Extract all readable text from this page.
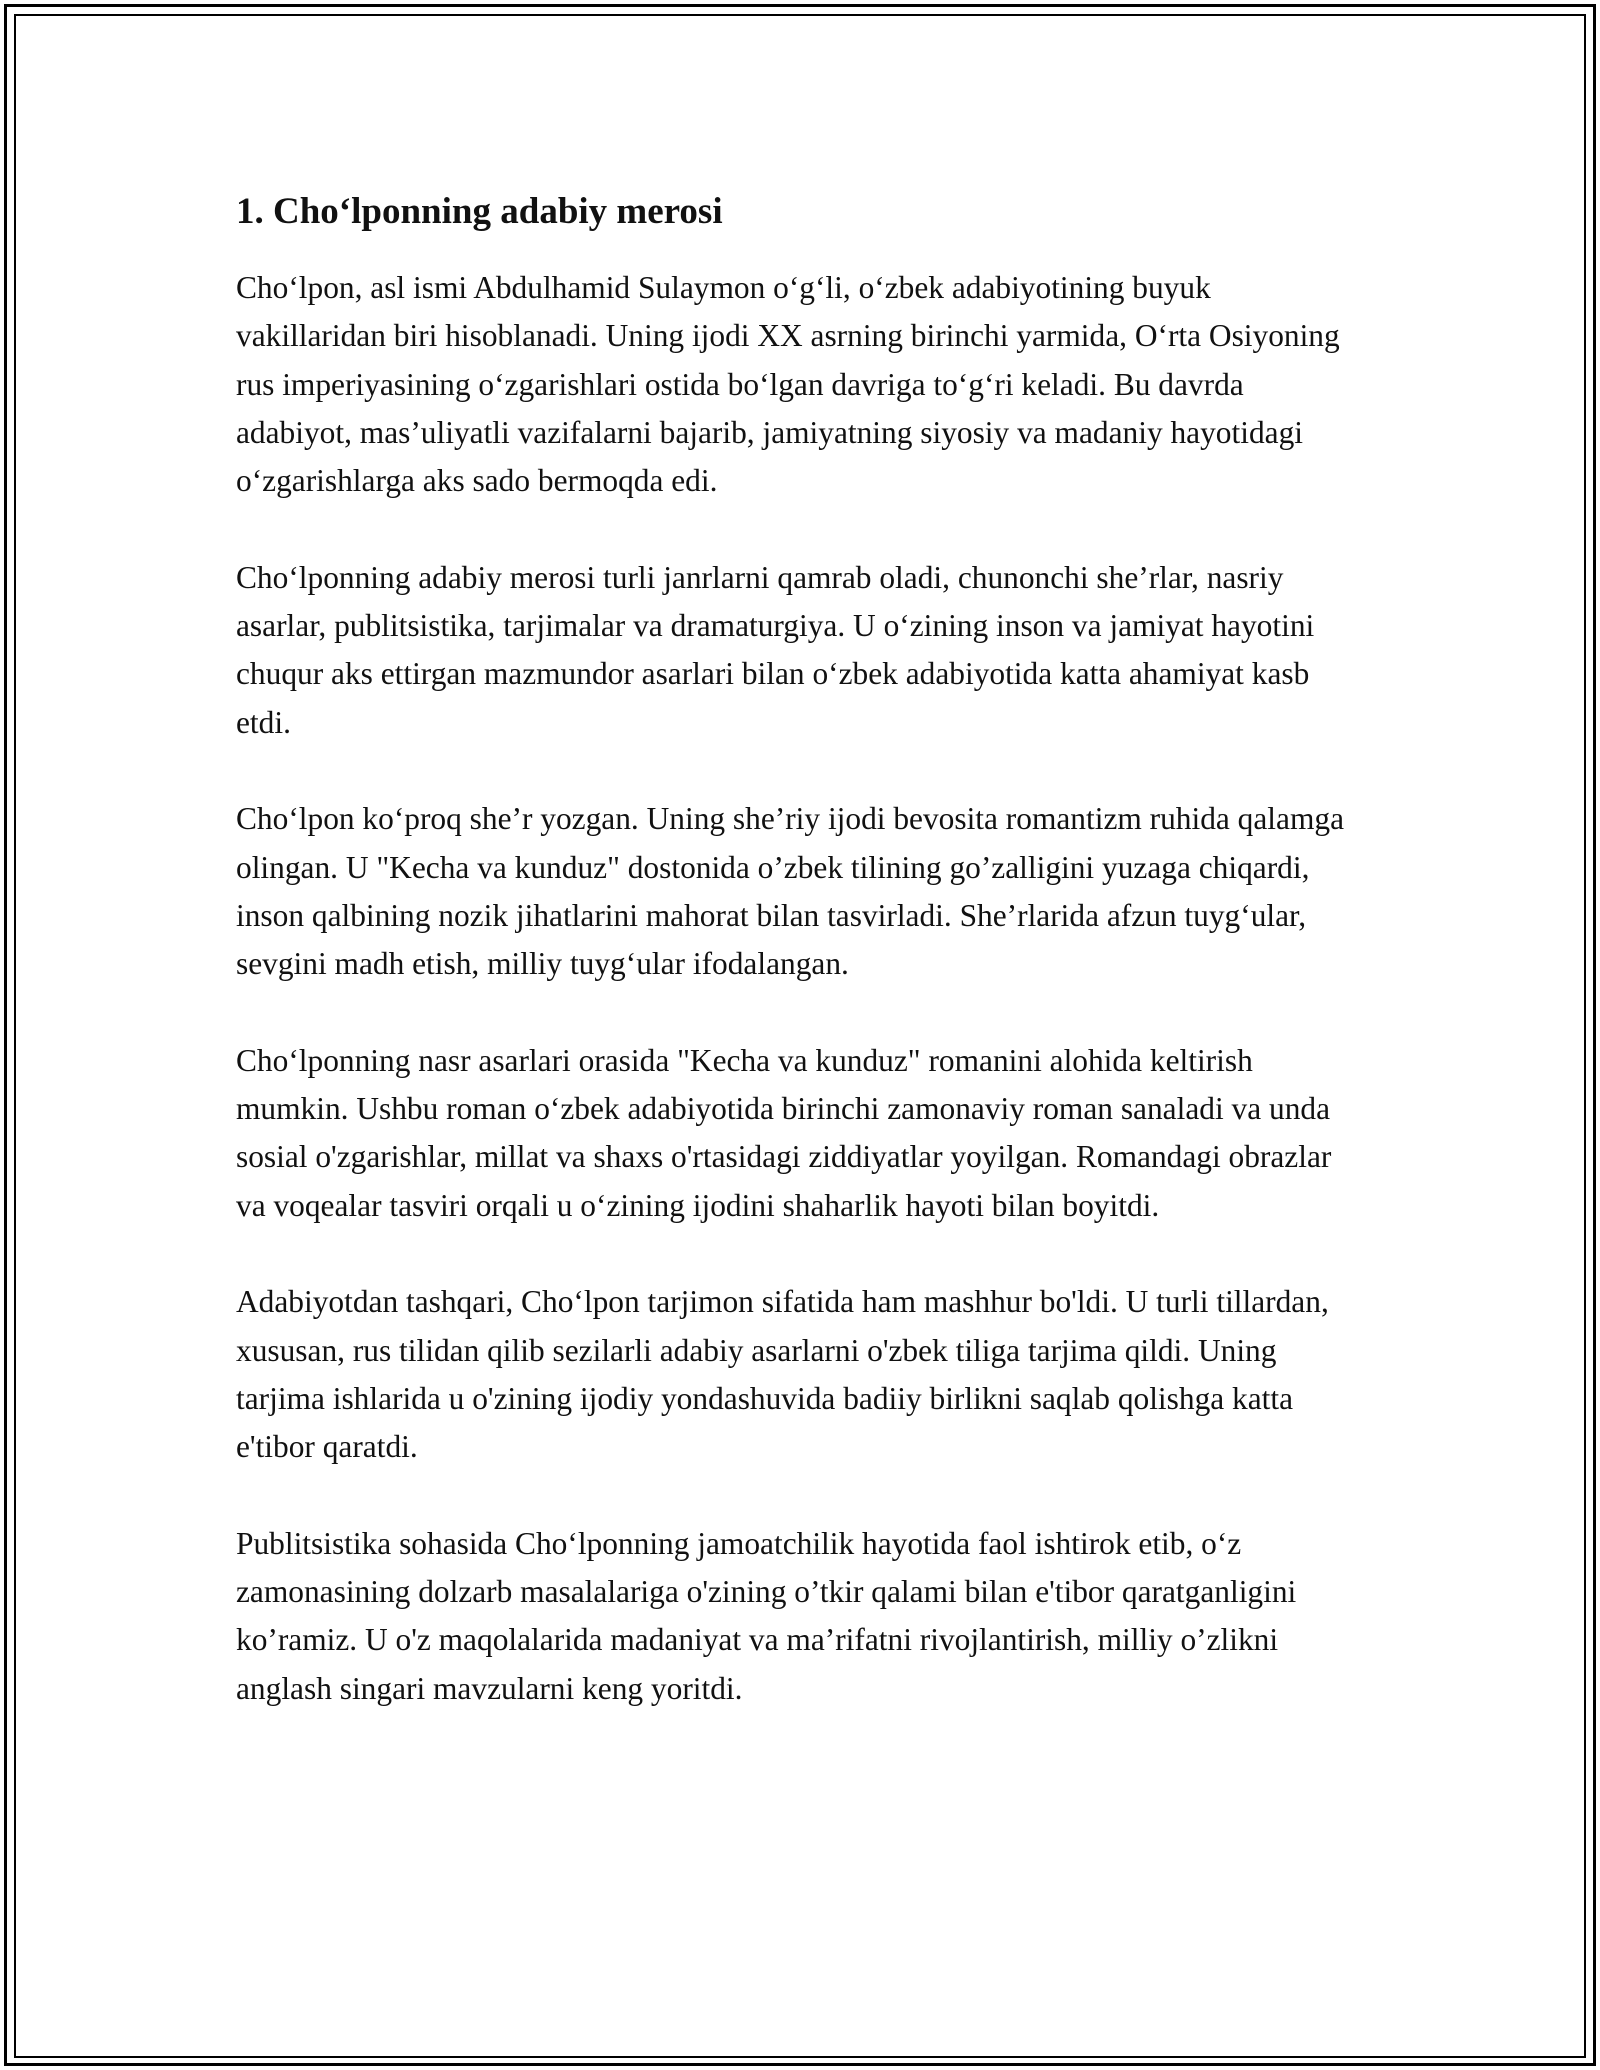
1. Cho‘lponning adabiy merosi

Cho‘lpon, asl ismi Abdulhamid Sulaymon o‘g‘li, o‘zbek adabiyotining buyuk vakillaridan biri hisoblanadi. Uning ijodi XX asrning birinchi yarmida, O‘rta Osiyoning rus imperiyasining o‘zgarishlari ostida bo‘lgan davriga to‘g‘ri keladi. Bu davrda adabiyot, mas’uliyatli vazifalarni bajarib, jamiyatning siyosiy va madaniy hayotidagi o‘zgarishlarga aks sado bermoqda edi.

Cho‘lponning adabiy merosi turli janrlarni qamrab oladi, chunonchi she’rlar, nasriy asarlar, publitsistika, tarjimalar va dramaturgiya. U o‘zining inson va jamiyat hayotini chuqur aks ettirgan mazmundor asarlari bilan o‘zbek adabiyotida katta ahamiyat kasb etdi.

Cho‘lpon ko‘proq she’r yozgan. Uning she’riy ijodi bevosita romantizm ruhida qalamga olingan. U "Kecha va kunduz" dostonida o’zbek tilining go’zalligini yuzaga chiqardi, inson qalbining nozik jihatlarini mahorat bilan tasvirladi. She’rlarida afzun tuyg‘ular, sevgini madh etish, milliy tuyg‘ular ifodalangan.

Cho‘lponning nasr asarlari orasida "Kecha va kunduz" romanini alohida keltirish mumkin. Ushbu roman o‘zbek adabiyotida birinchi zamonaviy roman sanaladi va unda sosial o'zgarishlar, millat va shaxs o'rtasidagi ziddiyatlar yoyilgan. Romandagi obrazlar va voqealar tasviri orqali u o‘zining ijodini shaharlik hayoti bilan boyitdi.

Adabiyotdan tashqari, Cho‘lpon tarjimon sifatida ham mashhur bo'ldi. U turli tillardan, xususan, rus tilidan qilib sezilarli adabiy asarlarni o'zbek tiliga tarjima qildi. Uning tarjima ishlarida u o'zining ijodiy yondashuvida badiiy birlikni saqlab qolishga katta e'tibor qaratdi.

Publitsistika sohasida Cho‘lponning jamoatchilik hayotida faol ishtirok etib, o‘z zamonasining dolzarb masalalariga o'zining o’tkir qalami bilan e'tibor qaratganligini ko’ramiz. U o'z maqolalarida madaniyat va ma’rifatni rivojlantirish, milliy o’zlikni anglash singari mavzularni keng yoritdi.
